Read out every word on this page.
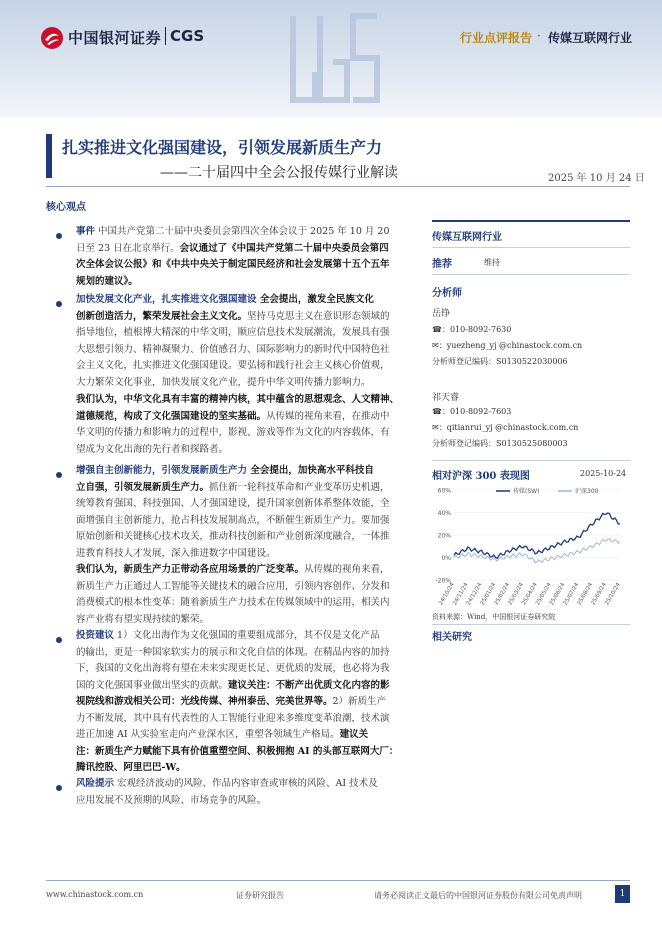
中国银河证券 CGS	行业点评报告 · 传媒互联网行业
扎实推进文化强国建设，引领发展新质生产力
——二十届四中全会公报传媒行业解读	2025 年 10 月 24 日
核心观点
事件 中国共产党第二十届中央委员会第四次全体会议于 2025 年 10 月 20
日至 23 日在北京举行。会议通过了《中国共产党第二十届中央委员会第四
次全体会议公报》和《中共中央关于制定国民经济和社会发展第十五个五年
规划的建议》。
加快发展文化产业，扎实推进文化强国建设 全会提出，激发全民族文化
创新创造活力，繁荣发展社会主义文化。坚持马克思主义在意识形态领域的
指导地位，植根博大精深的中华文明，顺应信息技术发展潮流，发展具有强
大思想引领力、精神凝聚力、价值感召力、国际影响力的新时代中国特色社
会主义文化，扎实推进文化强国建设。要弘扬和践行社会主义核心价值观，
大力繁荣文化事业，加快发展文化产业，提升中华文明传播力影响力。
我们认为，中华文化具有丰富的精神内核，其中蕴含的思想观念、人文精神、
道德规范，构成了文化强国建设的坚实基础。从传媒的视角来看，在推动中
华文明的传播力和影响力的过程中，影视、游戏等作为文化的内容载体，有
望成为文化出海的先行者和探路者。
增强自主创新能力，引领发展新质生产力 全会提出，加快高水平科技自
立自强，引领发展新质生产力。抓住新一轮科技革命和产业变革历史机遇，
统筹教育强国、科技强国、人才强国建设，提升国家创新体系整体效能，全
面增强自主创新能力，抢占科技发展制高点，不断催生新质生产力。要加强
原始创新和关键核心技术攻关，推动科技创新和产业创新深度融合，一体推
进教育科技人才发展，深入推进数字中国建设。
我们认为，新质生产力正带动各应用场景的广泛变革。从传媒的视角来看，
新质生产力正通过人工智能等关键技术的融合应用，引领内容创作、分发和
消费模式的根本性变革：随着新质生产力技术在传媒领域中的运用，相关内
容产业将有望实现持续的繁荣。
投资建议 1）文化出海作为文化强国的重要组成部分，其不仅是文化产品
的输出，更是一种国家软实力的展示和文化自信的体现。在精品内容的加持
下，我国的文化出海将有望在未来实现更长足、更优质的发展，也必将为我
国的文化强国事业做出坚实的贡献。建议关注：不断产出优质文化内容的影
视院线和游戏相关公司：光线传媒、神州泰岳、完美世界等。2）新质生产
力不断发展，其中具有代表性的人工智能行业迎来多维度变革浪潮，技术演
进正加速 AI 从实验室走向产业深水区，重塑各领域生产格局。建议关
注：新质生产力赋能下具有价值重塑空间、积极拥抱 AI 的头部互联网大厂：
腾讯控股、阿里巴巴-W。
风险提示 宏观经济波动的风险、作品内容审查或审核的风险、AI 技术及
应用发展不及预期的风险、市场竞争的风险。
传媒互联网行业
推荐	维持
分析师
岳铮
☎：010-8092-7630
✉：yuezheng_yj @chinastock.com.cn
分析师登记编码：S0130522030006
祁天睿
☎：010-8092-7603
✉：qitianrui_yj @chinastock.com.cn
分析师登记编码：S0130525080003
相对沪深 300 表现图	2025-10-24
60%
40%
20%
0%
-20%
24/10/24
24/11/24
24/12/24
25/01/24
25/02/24
25/03/24
25/04/24
25/05/24
25/06/24
25/07/24
25/08/24
25/09/24
25/10/24
传媒(SW)	沪深300
资料来源：Wind，中国银河证券研究院
相关研究
www.chinastock.com.cn	证券研究报告	请务必阅读正文最后的中国银河证券股份有限公司免责声明	1
